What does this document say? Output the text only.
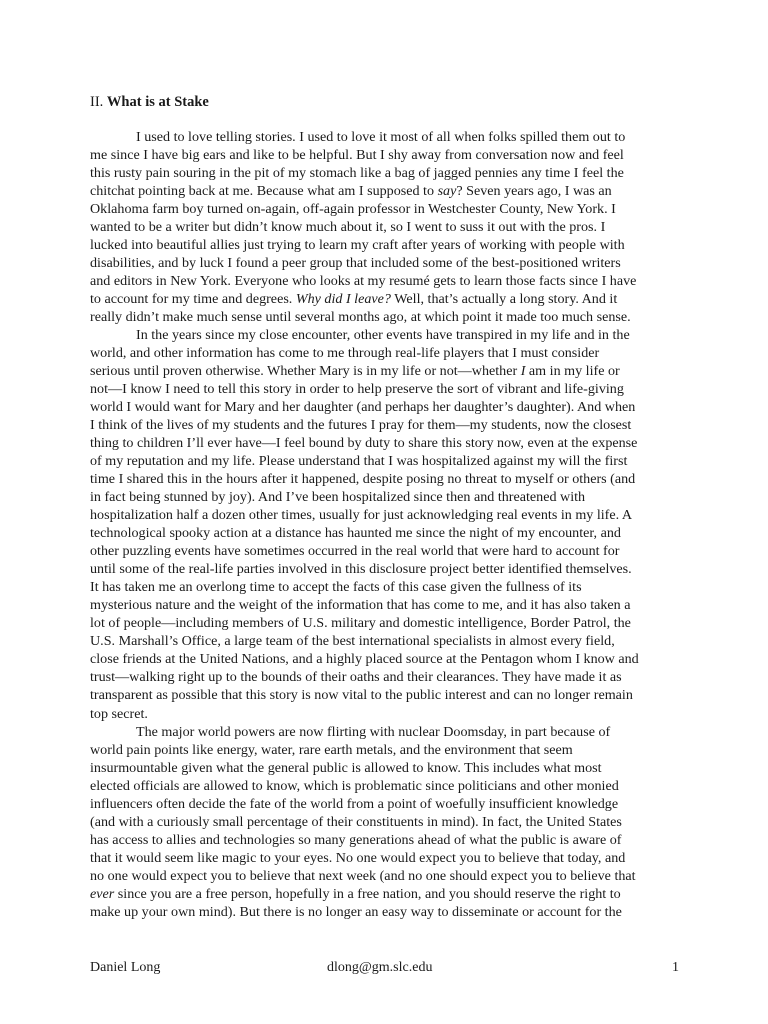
II. What is at Stake
I used to love telling stories. I used to love it most of all when folks spilled them out to
me since I have big ears and like to be helpful. But I shy away from conversation now and feel
this rusty pain souring in the pit of my stomach like a bag of jagged pennies any time I feel the
chitchat pointing back at me. Because what am I supposed to say? Seven years ago, I was an
Oklahoma farm boy turned on-again, off-again professor in Westchester County, New York. I
wanted to be a writer but didn’t know much about it, so I went to suss it out with the pros. I
lucked into beautiful allies just trying to learn my craft after years of working with people with
disabilities, and by luck I found a peer group that included some of the best-positioned writers
and editors in New York. Everyone who looks at my resumé gets to learn those facts since I have
to account for my time and degrees. Why did I leave? Well, that’s actually a long story. And it
really didn’t make much sense until several months ago, at which point it made too much sense.
In the years since my close encounter, other events have transpired in my life and in the
world, and other information has come to me through real-life players that I must consider
serious until proven otherwise. Whether Mary is in my life or not—whether I am in my life or
not—I know I need to tell this story in order to help preserve the sort of vibrant and life-giving
world I would want for Mary and her daughter (and perhaps her daughter’s daughter). And when
I think of the lives of my students and the futures I pray for them—my students, now the closest
thing to children I’ll ever have—I feel bound by duty to share this story now, even at the expense
of my reputation and my life. Please understand that I was hospitalized against my will the first
time I shared this in the hours after it happened, despite posing no threat to myself or others (and
in fact being stunned by joy). And I’ve been hospitalized since then and threatened with
hospitalization half a dozen other times, usually for just acknowledging real events in my life. A
technological spooky action at a distance has haunted me since the night of my encounter, and
other puzzling events have sometimes occurred in the real world that were hard to account for
until some of the real-life parties involved in this disclosure project better identified themselves.
It has taken me an overlong time to accept the facts of this case given the fullness of its
mysterious nature and the weight of the information that has come to me, and it has also taken a
lot of people—including members of U.S. military and domestic intelligence, Border Patrol, the
U.S. Marshall’s Office, a large team of the best international specialists in almost every field,
close friends at the United Nations, and a highly placed source at the Pentagon whom I know and
trust—walking right up to the bounds of their oaths and their clearances. They have made it as
transparent as possible that this story is now vital to the public interest and can no longer remain
top secret.
The major world powers are now flirting with nuclear Doomsday, in part because of
world pain points like energy, water, rare earth metals, and the environment that seem
insurmountable given what the general public is allowed to know. This includes what most
elected officials are allowed to know, which is problematic since politicians and other monied
influencers often decide the fate of the world from a point of woefully insufficient knowledge
(and with a curiously small percentage of their constituents in mind). In fact, the United States
has access to allies and technologies so many generations ahead of what the public is aware of
that it would seem like magic to your eyes. No one would expect you to believe that today, and
no one would expect you to believe that next week (and no one should expect you to believe that
ever since you are a free person, hopefully in a free nation, and you should reserve the right to
make up your own mind). But there is no longer an easy way to disseminate or account for the
Daniel Long	dlong@gm.slc.edu	1
